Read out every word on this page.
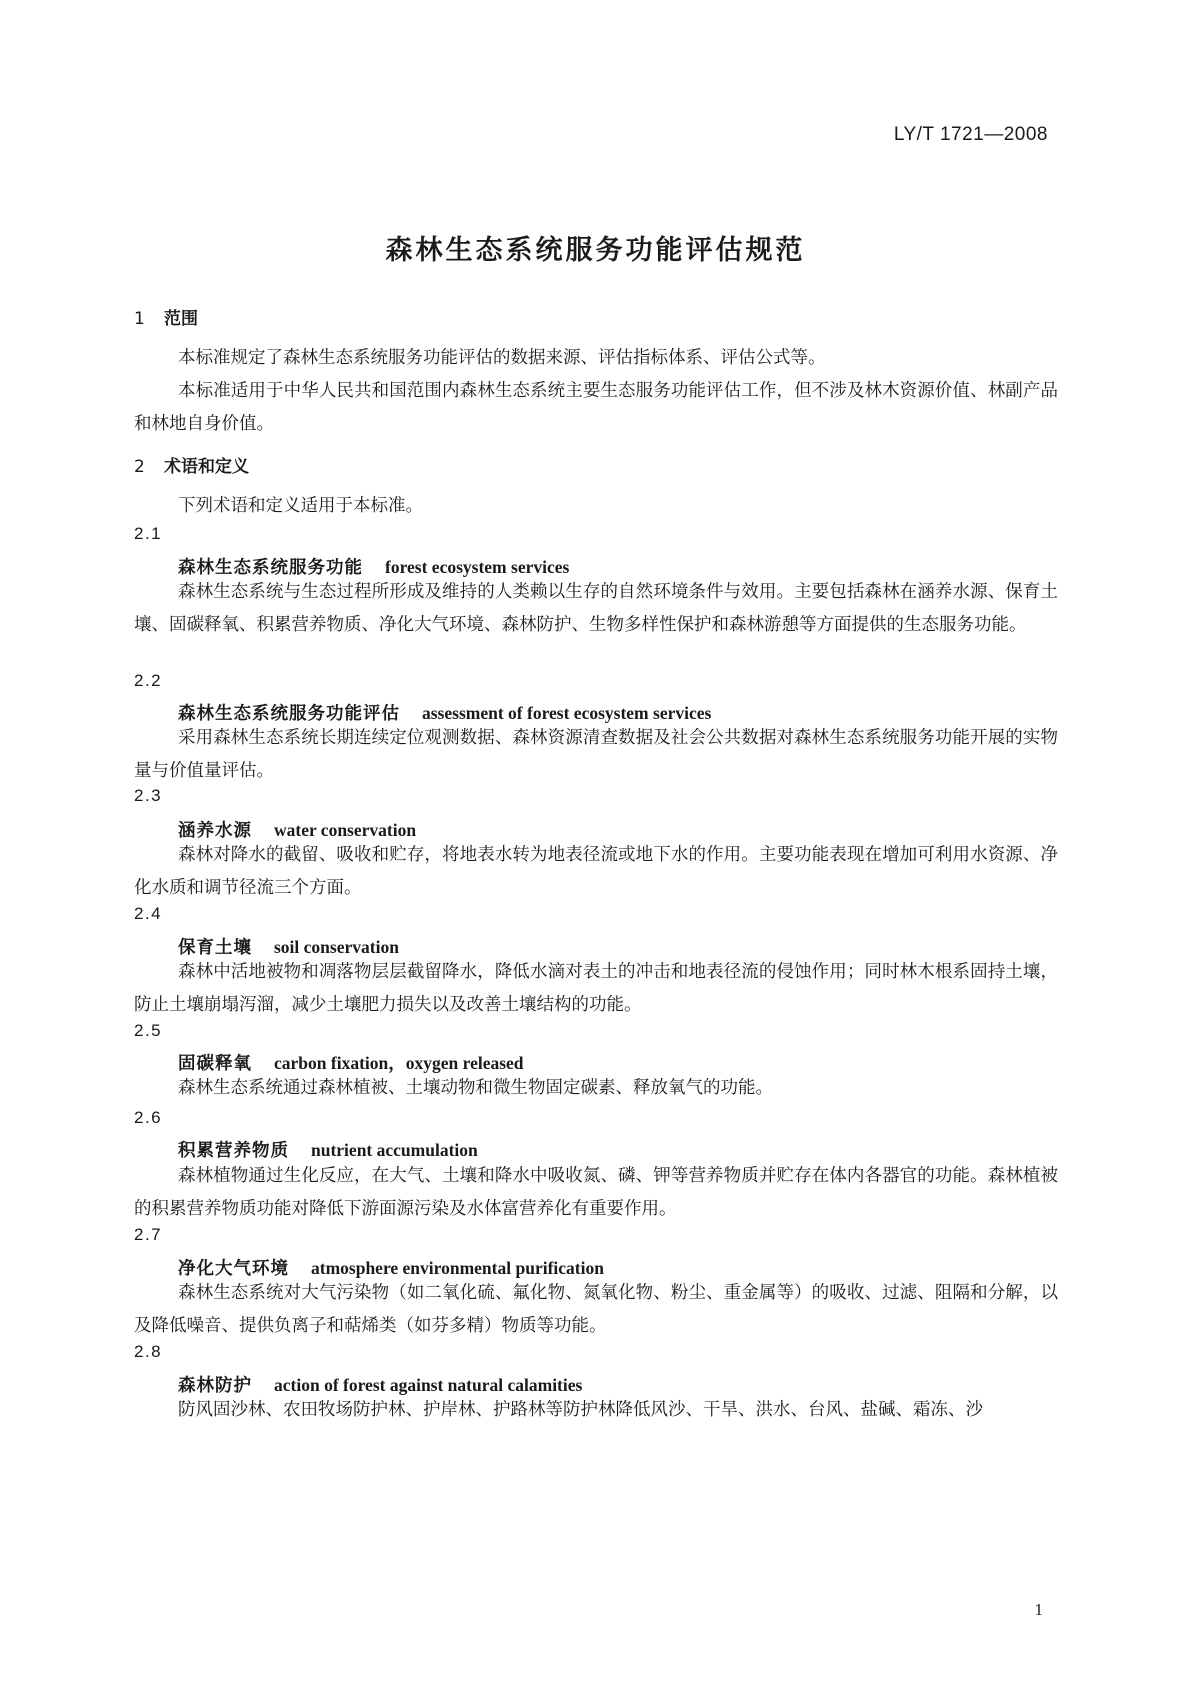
LY/T 1721—2008
森林生态系统服务功能评估规范
1 范围
本标准规定了森林生态系统服务功能评估的数据来源、评估指标体系、评估公式等。
本标准适用于中华人民共和国范围内森林生态系统主要生态服务功能评估工作，但不涉及林木资源价值、林副产品和林地自身价值。
2 术语和定义
下列术语和定义适用于本标准。
2.1
森林生态系统服务功能 forest ecosystem services
森林生态系统与生态过程所形成及维持的人类赖以生存的自然环境条件与效用。主要包括森林在涵养水源、保育土壤、固碳释氧、积累营养物质、净化大气环境、森林防护、生物多样性保护和森林游憩等方面提供的生态服务功能。
2.2
森林生态系统服务功能评估 assessment of forest ecosystem services
采用森林生态系统长期连续定位观测数据、森林资源清查数据及社会公共数据对森林生态系统服务功能开展的实物量与价值量评估。
2.3
涵养水源 water conservation
森林对降水的截留、吸收和贮存，将地表水转为地表径流或地下水的作用。主要功能表现在增加可利用水资源、净化水质和调节径流三个方面。
2.4
保育土壤 soil conservation
森林中活地被物和凋落物层层截留降水，降低水滴对表土的冲击和地表径流的侵蚀作用；同时林木根系固持土壤，防止土壤崩塌泻溜，减少土壤肥力损失以及改善土壤结构的功能。
2.5
固碳释氧 carbon fixation，oxygen released
森林生态系统通过森林植被、土壤动物和微生物固定碳素、释放氧气的功能。
2.6
积累营养物质 nutrient accumulation
森林植物通过生化反应，在大气、土壤和降水中吸收氮、磷、钾等营养物质并贮存在体内各器官的功能。森林植被的积累营养物质功能对降低下游面源污染及水体富营养化有重要作用。
2.7
净化大气环境 atmosphere environmental purification
森林生态系统对大气污染物（如二氧化硫、氟化物、氮氧化物、粉尘、重金属等）的吸收、过滤、阻隔和分解，以及降低噪音、提供负离子和萜烯类（如芬多精）物质等功能。
2.8
森林防护 action of forest against natural calamities
防风固沙林、农田牧场防护林、护岸林、护路林等防护林降低风沙、干旱、洪水、台风、盐碱、霜冻、沙
1
